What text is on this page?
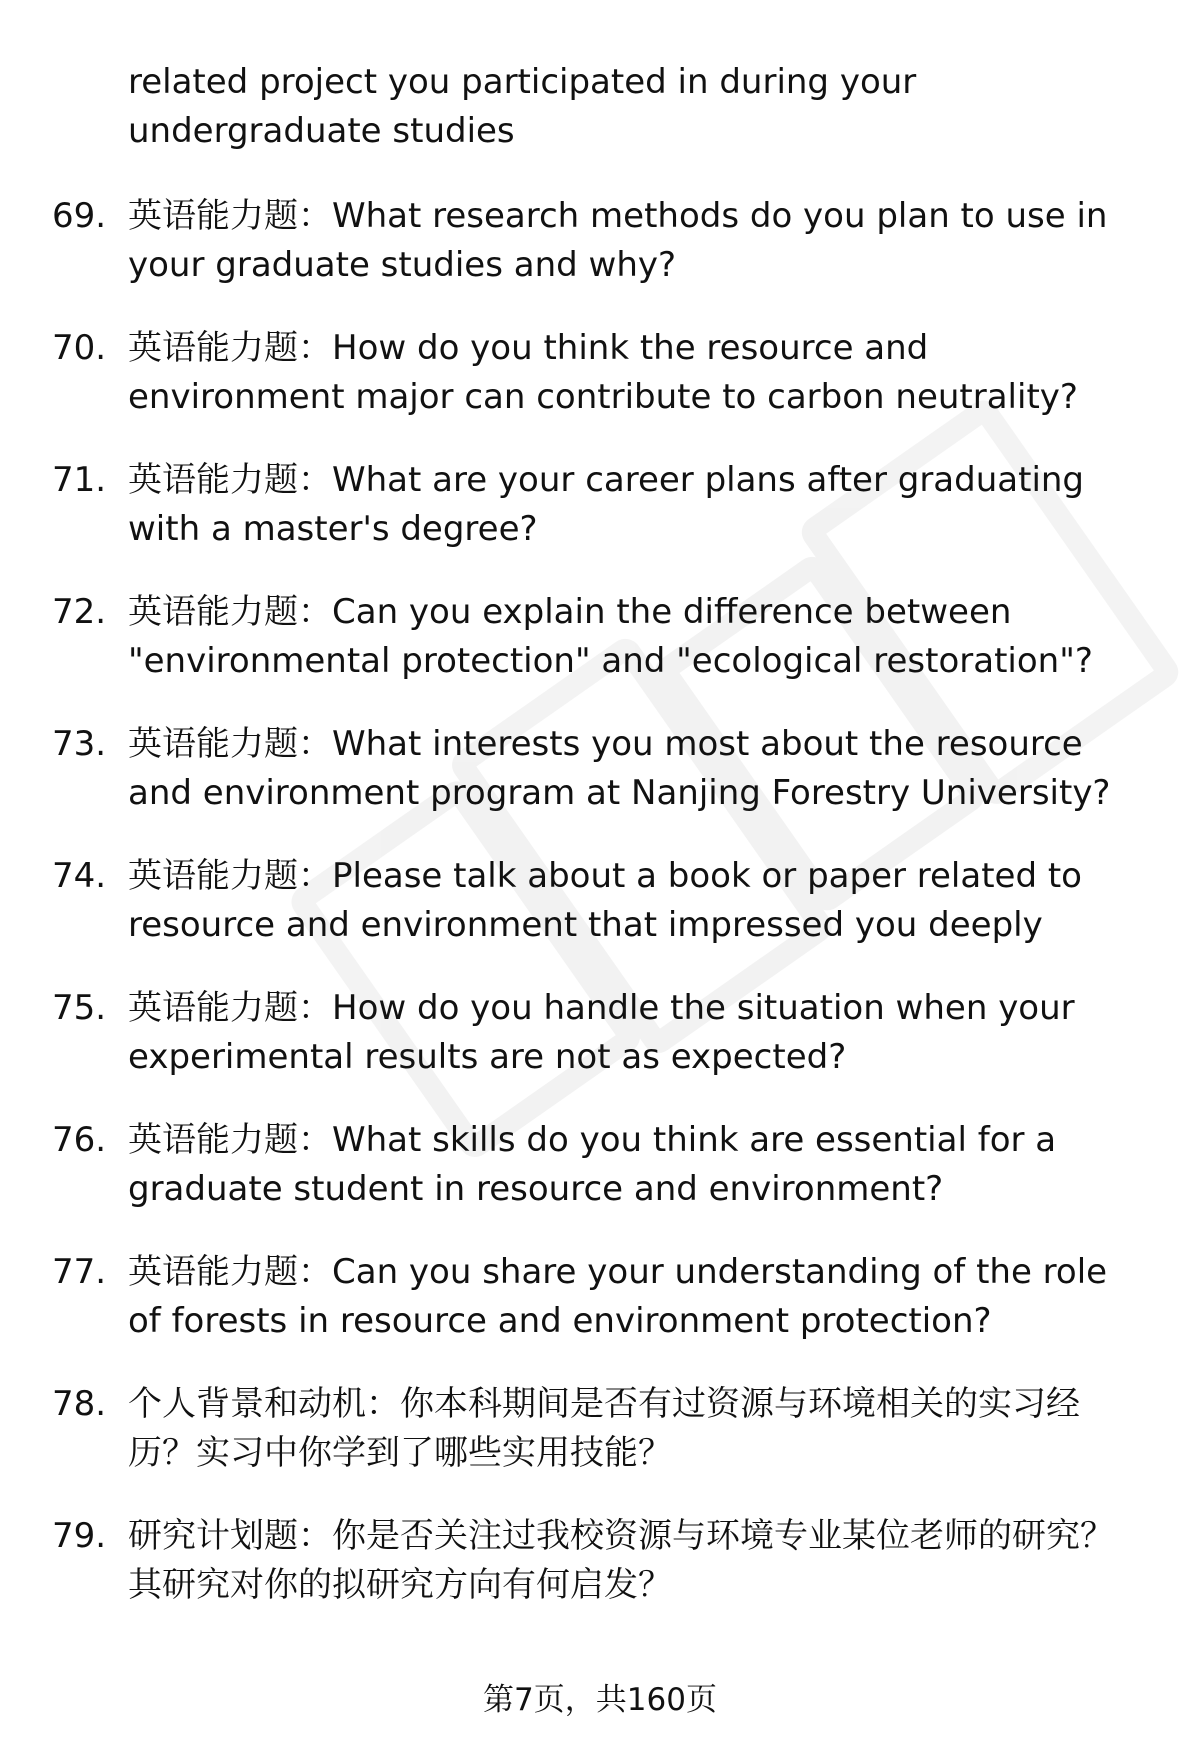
related project you participated in during your undergraduate studies
69. 英语能力题：What research methods do you plan to use in your graduate studies and why?
70. 英语能力题：How do you think the resource and environment major can contribute to carbon neutrality?
71. 英语能力题：What are your career plans after graduating with a master's degree?
72. 英语能力题：Can you explain the difference between "environmental protection" and "ecological restoration"?
73. 英语能力题：What interests you most about the resource and environment program at Nanjing Forestry University?
74. 英语能力题：Please talk about a book or paper related to resource and environment that impressed you deeply
75. 英语能力题：How do you handle the situation when your experimental results are not as expected?
76. 英语能力题：What skills do you think are essential for a graduate student in resource and environment?
77. 英语能力题：Can you share your understanding of the role of forests in resource and environment protection?
78. 个人背景和动机：你本科期间是否有过资源与环境相关的实习经历？实习中你学到了哪些实用技能？
79. 研究计划题：你是否关注过我校资源与环境专业某位老师的研究？其研究对你的拟研究方向有何启发？
第7页，共160页
